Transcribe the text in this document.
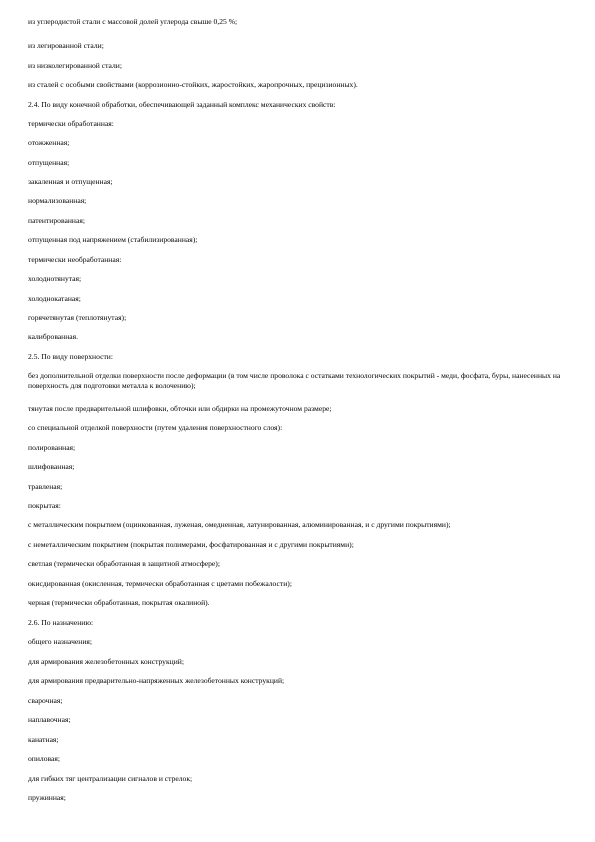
из углеродистой стали с массовой долей углерода свыше 0,25 %;
из легированной стали;
из низколегированной стали;
из сталей с особыми свойствами (коррозионно-стойких, жаростойких, жаропрочных, прецизионных).
2.4. По виду конечной обработки, обеспечивающей заданный комплекс механических свойств:
термически обработанная:
отожженная;
отпущенная;
закаленная и отпущенная;
нормализованная;
патентированная;
отпущенная под напряжением (стабилизированная);
термически необработанная:
холоднотянутая;
холоднокатаная;
горячетянутая (теплотянутая);
калиброванная.
2.5. По виду поверхности:
без дополнительной отделки поверхности после деформации (в том числе проволока с остатками технологических покрытий - меди, фосфата, буры, нанесенных на поверхность для подготовки металла к волочению);
тянутая после предварительной шлифовки, обточки или обдирки на промежуточном размере;
со специальной отделкой поверхности (путем удаления поверхностного слоя):
полированная;
шлифованная;
травленая;
покрытая:
с металлическим покрытием (оцинкованная, луженая, омедненная, латунированная, алюминированная, и с другими покрытиями);
с неметаллическим покрытием (покрытая полимерами, фосфатированная и с другими покрытиями);
светлая (термически обработанная в защитной атмосфере);
окисдированная (окисленная, термически обработанная с цветами побежалости);
черная (термически обработанная, покрытая окалиной).
2.6. По назначению:
общего назначения;
для армирования железобетонных конструкций;
для армирования предварительно-напряженных железобетонных конструкций;
сварочная;
наплавочная;
канатная;
опиловая;
для гибких тяг централизации сигналов и стрелок;
пружинная;
